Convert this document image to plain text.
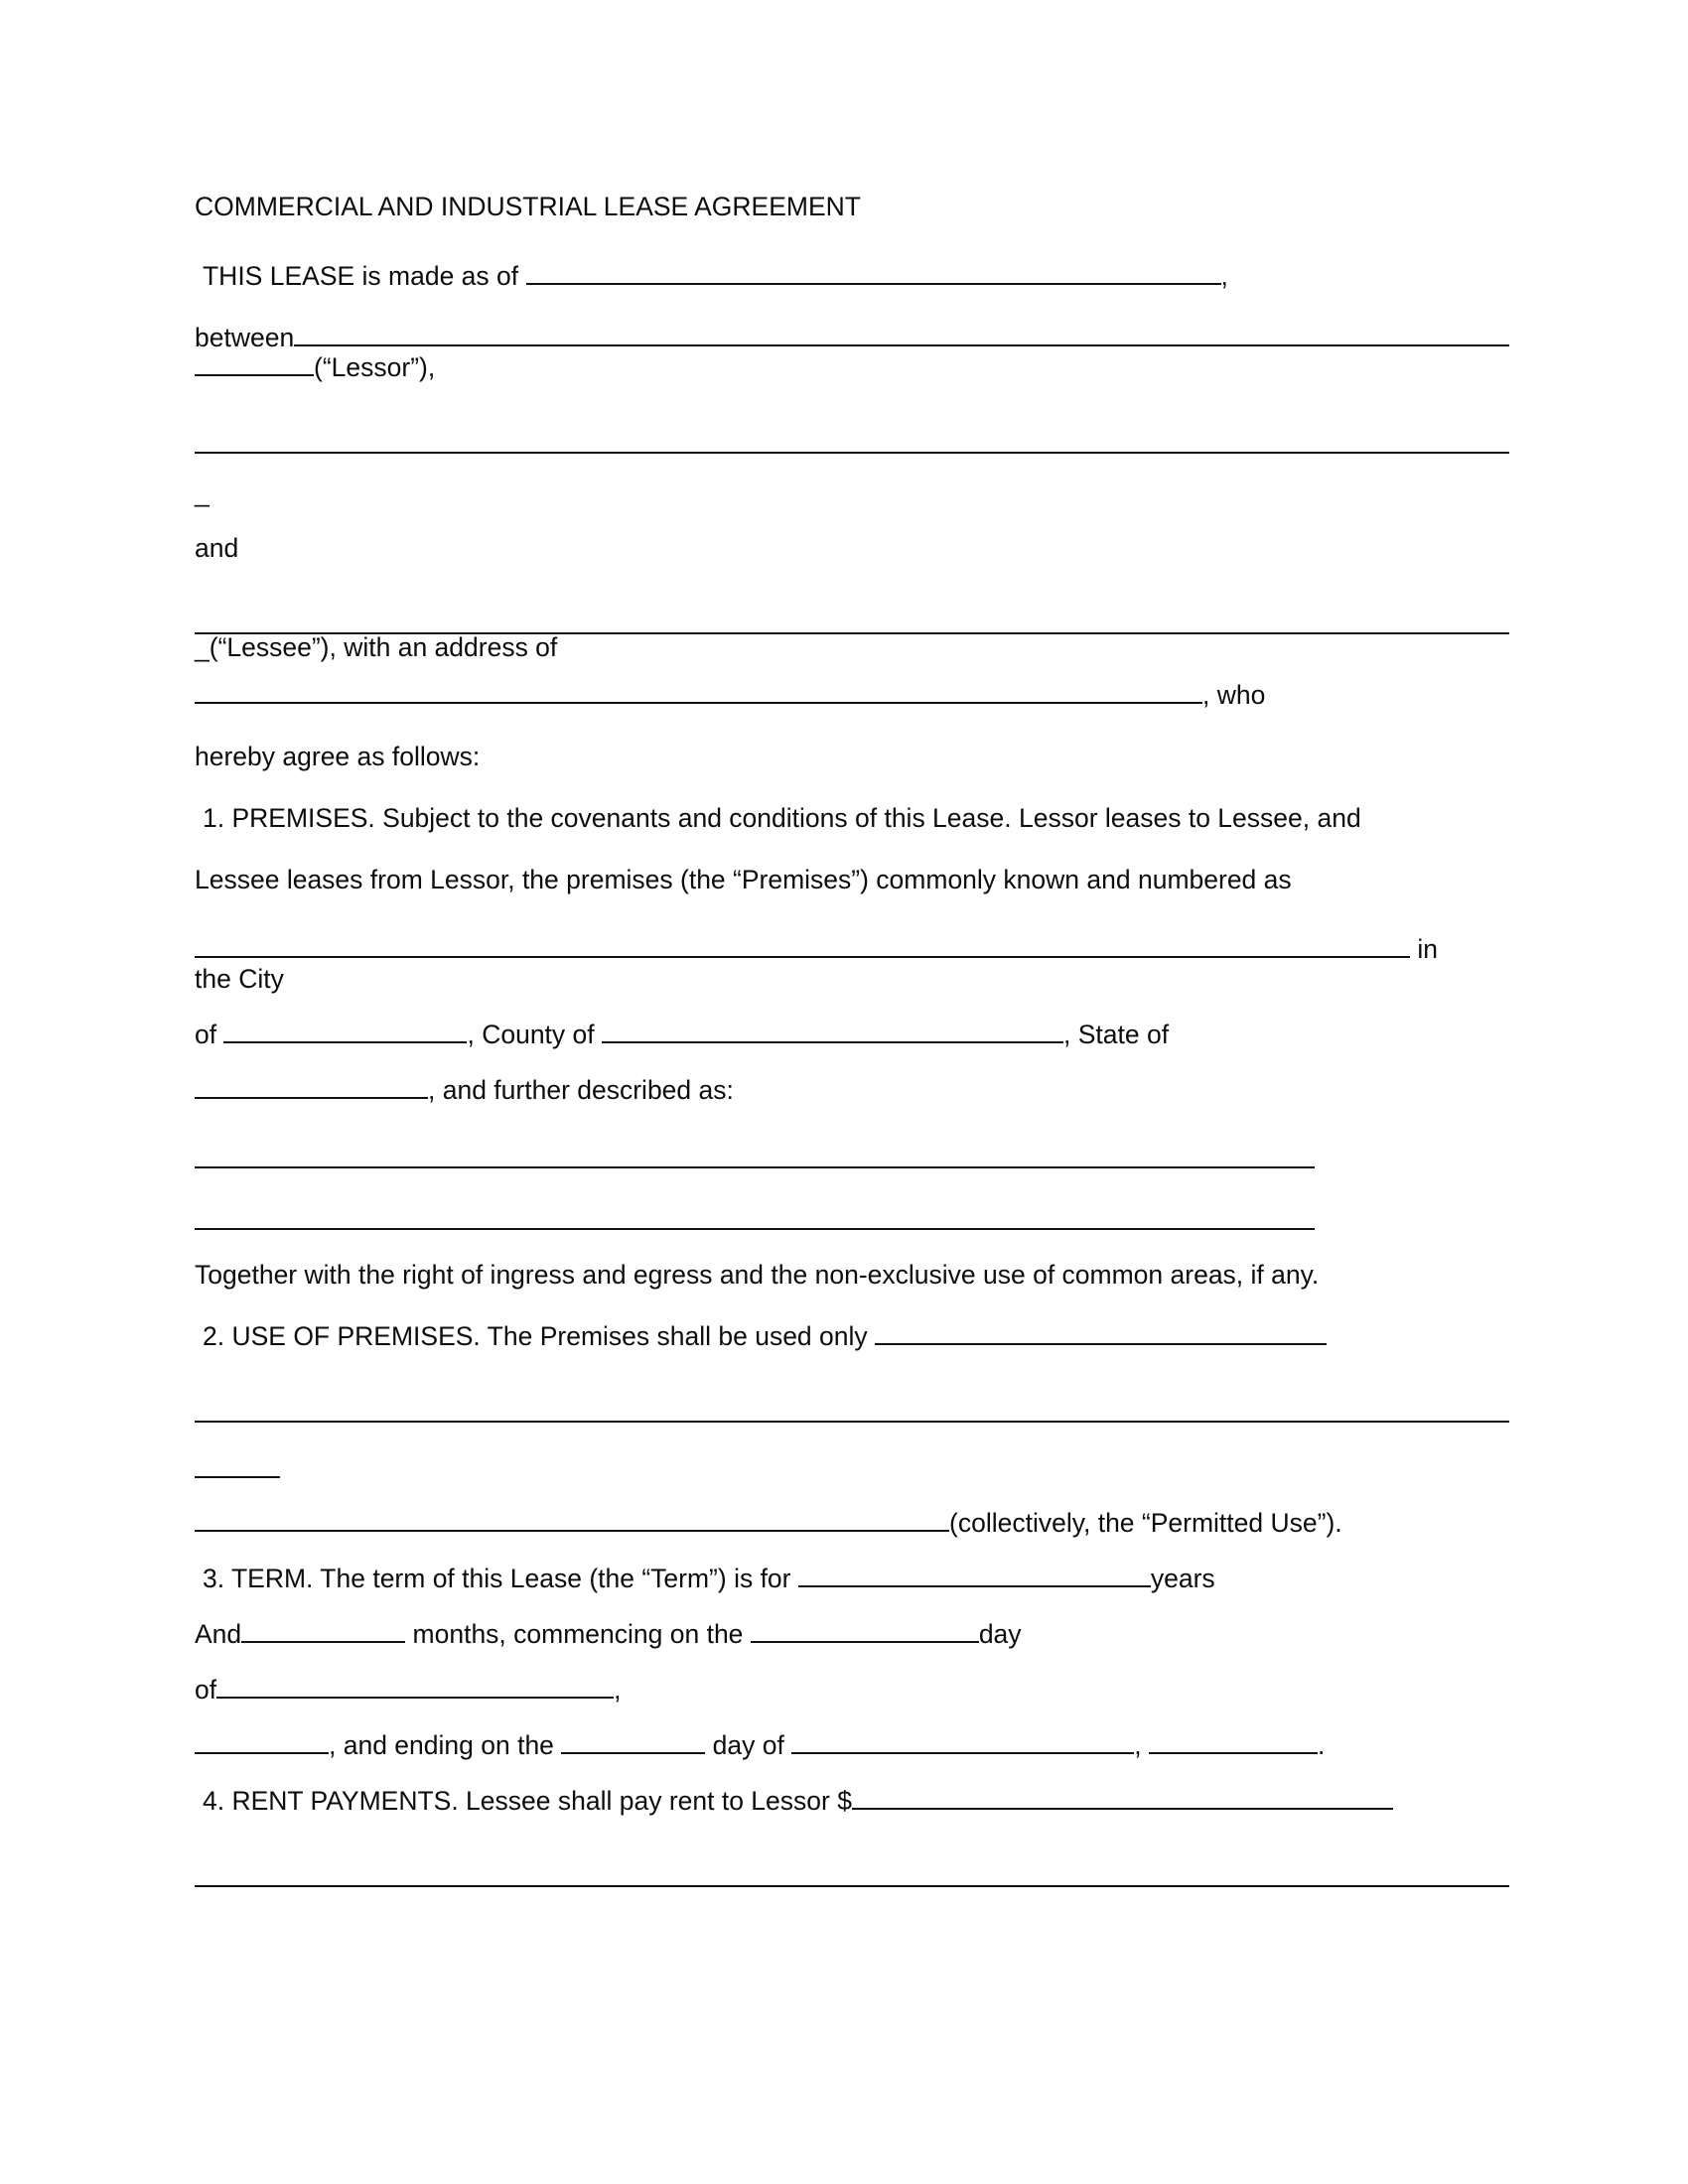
COMMERCIAL AND INDUSTRIAL LEASE AGREEMENT
THIS LEASE is made as of
	,
between
(“Lessor”),
_
and
_(“Lessee”), with an address of
, who
hereby agree as follows:
1. PREMISES. Subject to the covenants and conditions of this Lease. Lessor leases to Lessee, and
Lessee leases from Lessor, the premises (the “Premises”) commonly known and numbered as

in
the City
of
	, County of
	, State of
, and further described as:
Together with the right of ingress and egress and the non-exclusive use of common areas, if any.
2. USE OF PREMISES. The Premises shall be used only

(collectively, the “Permitted Use”).
3. TERM. The term of this Lease (the “Term”) is for
	years
And
	months, commencing on the
	day
of	,
, and ending on the

	day of
	,
	.
4. RENT PAYMENTS. Lessee shall pay rent to Lessor $
